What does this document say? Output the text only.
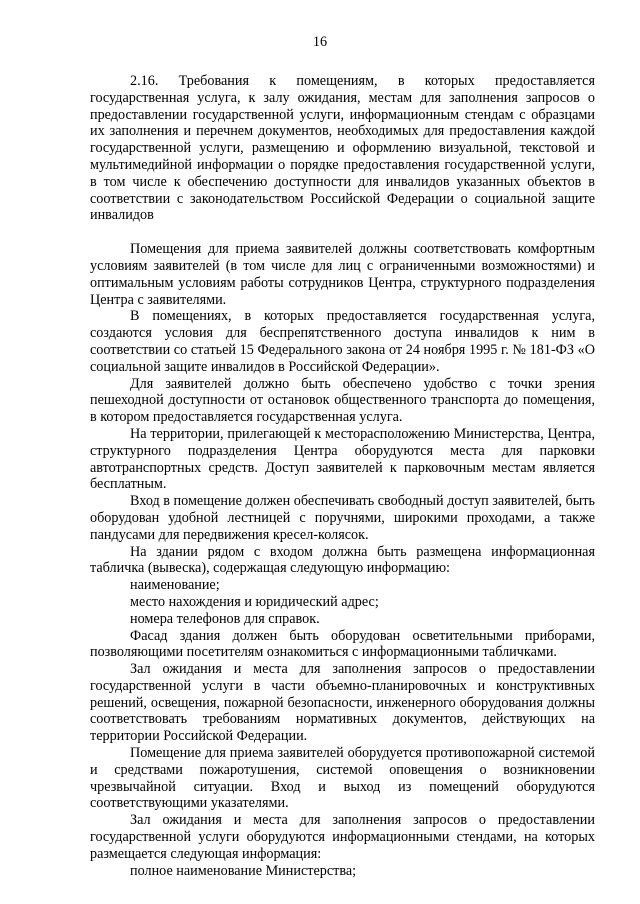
16

2.16. Требования к помещениям, в которых предоставляется государственная услуга, к залу ожидания, местам для заполнения запросов о предоставлении государственной услуги, информационным стендам с образцами их заполнения и перечнем документов, необходимых для предоставления каждой государственной услуги, размещению и оформлению визуальной, текстовой и мультимедийной информации о порядке предоставления государственной услуги, в том числе к обеспечению доступности для инвалидов указанных объектов в соответствии с законодательством Российской Федерации о социальной защите инвалидов

Помещения для приема заявителей должны соответствовать комфортным условиям заявителей (в том числе для лиц с ограниченными возможностями) и оптимальным условиям работы сотрудников Центра, структурного подразделения Центра с заявителями.

В помещениях, в которых предоставляется государственная услуга, создаются условия для беспрепятственного доступа инвалидов к ним в соответствии со статьей 15 Федерального закона от 24 ноября 1995 г. № 181-ФЗ «О социальной защите инвалидов в Российской Федерации».

Для заявителей должно быть обеспечено удобство с точки зрения пешеходной доступности от остановок общественного транспорта до помещения, в котором предоставляется государственная услуга.

На территории, прилегающей к месторасположению Министерства, Центра, структурного подразделения Центра оборудуются места для парковки автотранспортных средств. Доступ заявителей к парковочным местам является бесплатным.

Вход в помещение должен обеспечивать свободный доступ заявителей, быть оборудован удобной лестницей с поручнями, широкими проходами, а также пандусами для передвижения кресел-колясок.

На здании рядом с входом должна быть размещена информационная табличка (вывеска), содержащая следующую информацию:

наименование;

место нахождения и юридический адрес;

номера телефонов для справок.

Фасад здания должен быть оборудован осветительными приборами, позволяющими посетителям ознакомиться с информационными табличками.

Зал ожидания и места для заполнения запросов о предоставлении государственной услуги в части объемно-планировочных и конструктивных решений, освещения, пожарной безопасности, инженерного оборудования должны соответствовать требованиям нормативных документов, действующих на территории Российской Федерации.

Помещение для приема заявителей оборудуется противопожарной системой и средствами пожаротушения, системой оповещения о возникновении чрезвычайной ситуации. Вход и выход из помещений оборудуются соответствующими указателями.

Зал ожидания и места для заполнения запросов о предоставлении государственной услуги оборудуются информационными стендами, на которых размещается следующая информация:

полное наименование Министерства;
